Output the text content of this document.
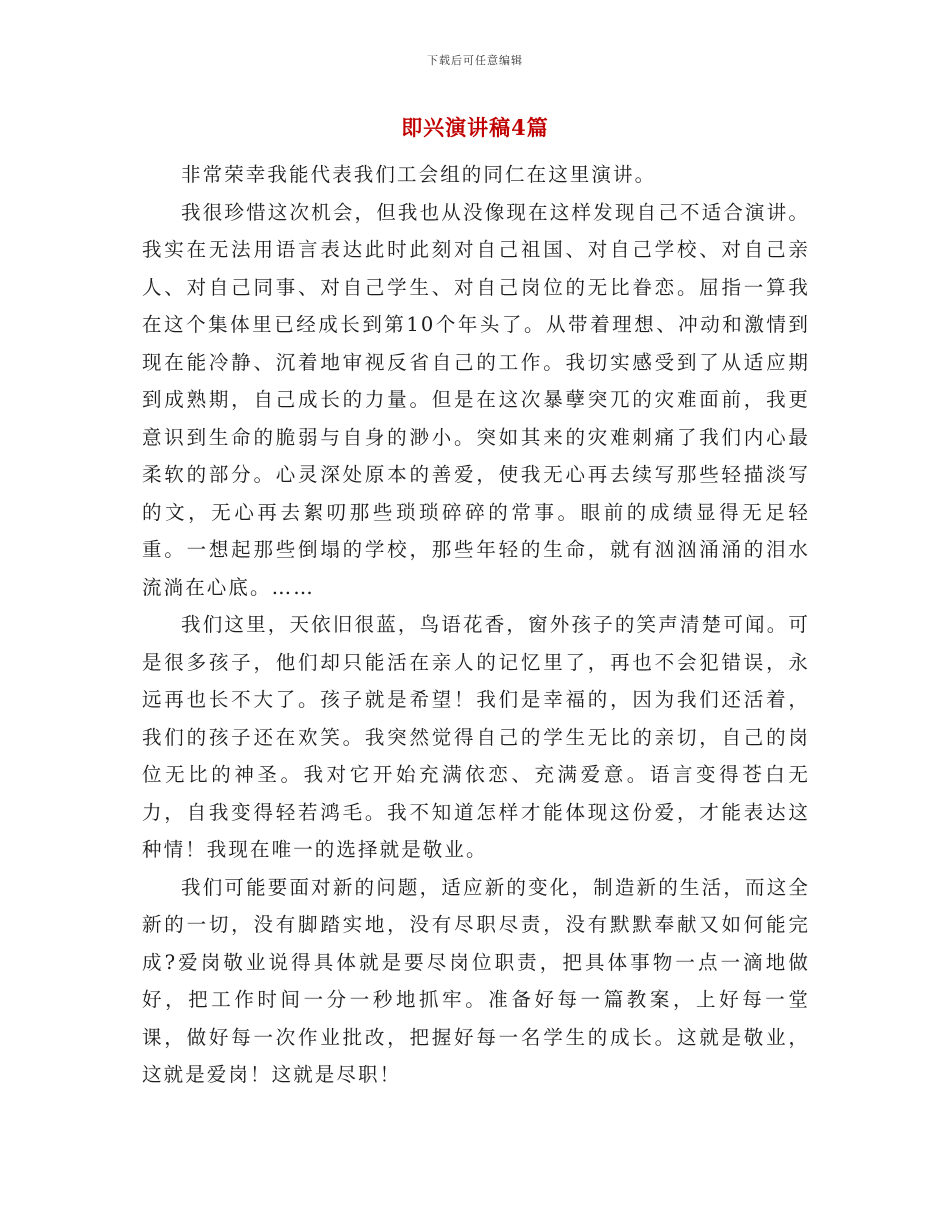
下载后可任意编辑
即兴演讲稿4篇

非常荣幸我能代表我们工会组的同仁在这里演讲。

我很珍惜这次机会，但我也从没像现在这样发现自己不适合演讲。我实在无法用语言表达此时此刻对自己祖国、对自己学校、对自己亲人、对自己同事、对自己学生、对自己岗位的无比眷恋。屈指一算我在这个集体里已经成长到第10个年头了。从带着理想、冲动和激情到现在能冷静、沉着地审视反省自己的工作。我切实感受到了从适应期到成熟期，自己成长的力量。但是在这次暴孽突兀的灾难面前，我更意识到生命的脆弱与自身的渺小。突如其来的灾难刺痛了我们内心最柔软的部分。心灵深处原本的善爱，使我无心再去续写那些轻描淡写的文，无心再去絮叨那些琐琐碎碎的常事。眼前的成绩显得无足轻重。一想起那些倒塌的学校，那些年轻的生命，就有汹汹涌涌的泪水流淌在心底。……

我们这里，天依旧很蓝，鸟语花香，窗外孩子的笑声清楚可闻。可是很多孩子，他们却只能活在亲人的记忆里了，再也不会犯错误，永远再也长不大了。孩子就是希望！我们是幸福的，因为我们还活着，我们的孩子还在欢笑。我突然觉得自己的学生无比的亲切，自己的岗位无比的神圣。我对它开始充满依恋、充满爱意。语言变得苍白无力，自我变得轻若鸿毛。我不知道怎样才能体现这份爱，才能表达这种情！我现在唯一的选择就是敬业。

我们可能要面对新的问题，适应新的变化，制造新的生活，而这全新的一切，没有脚踏实地，没有尽职尽责，没有默默奉献又如何能完成?爱岗敬业说得具体就是要尽岗位职责，把具体事物一点一滴地做好，把工作时间一分一秒地抓牢。准备好每一篇教案，上好每一堂课，做好每一次作业批改，把握好每一名学生的成长。这就是敬业，这就是爱岗！这就是尽职！
